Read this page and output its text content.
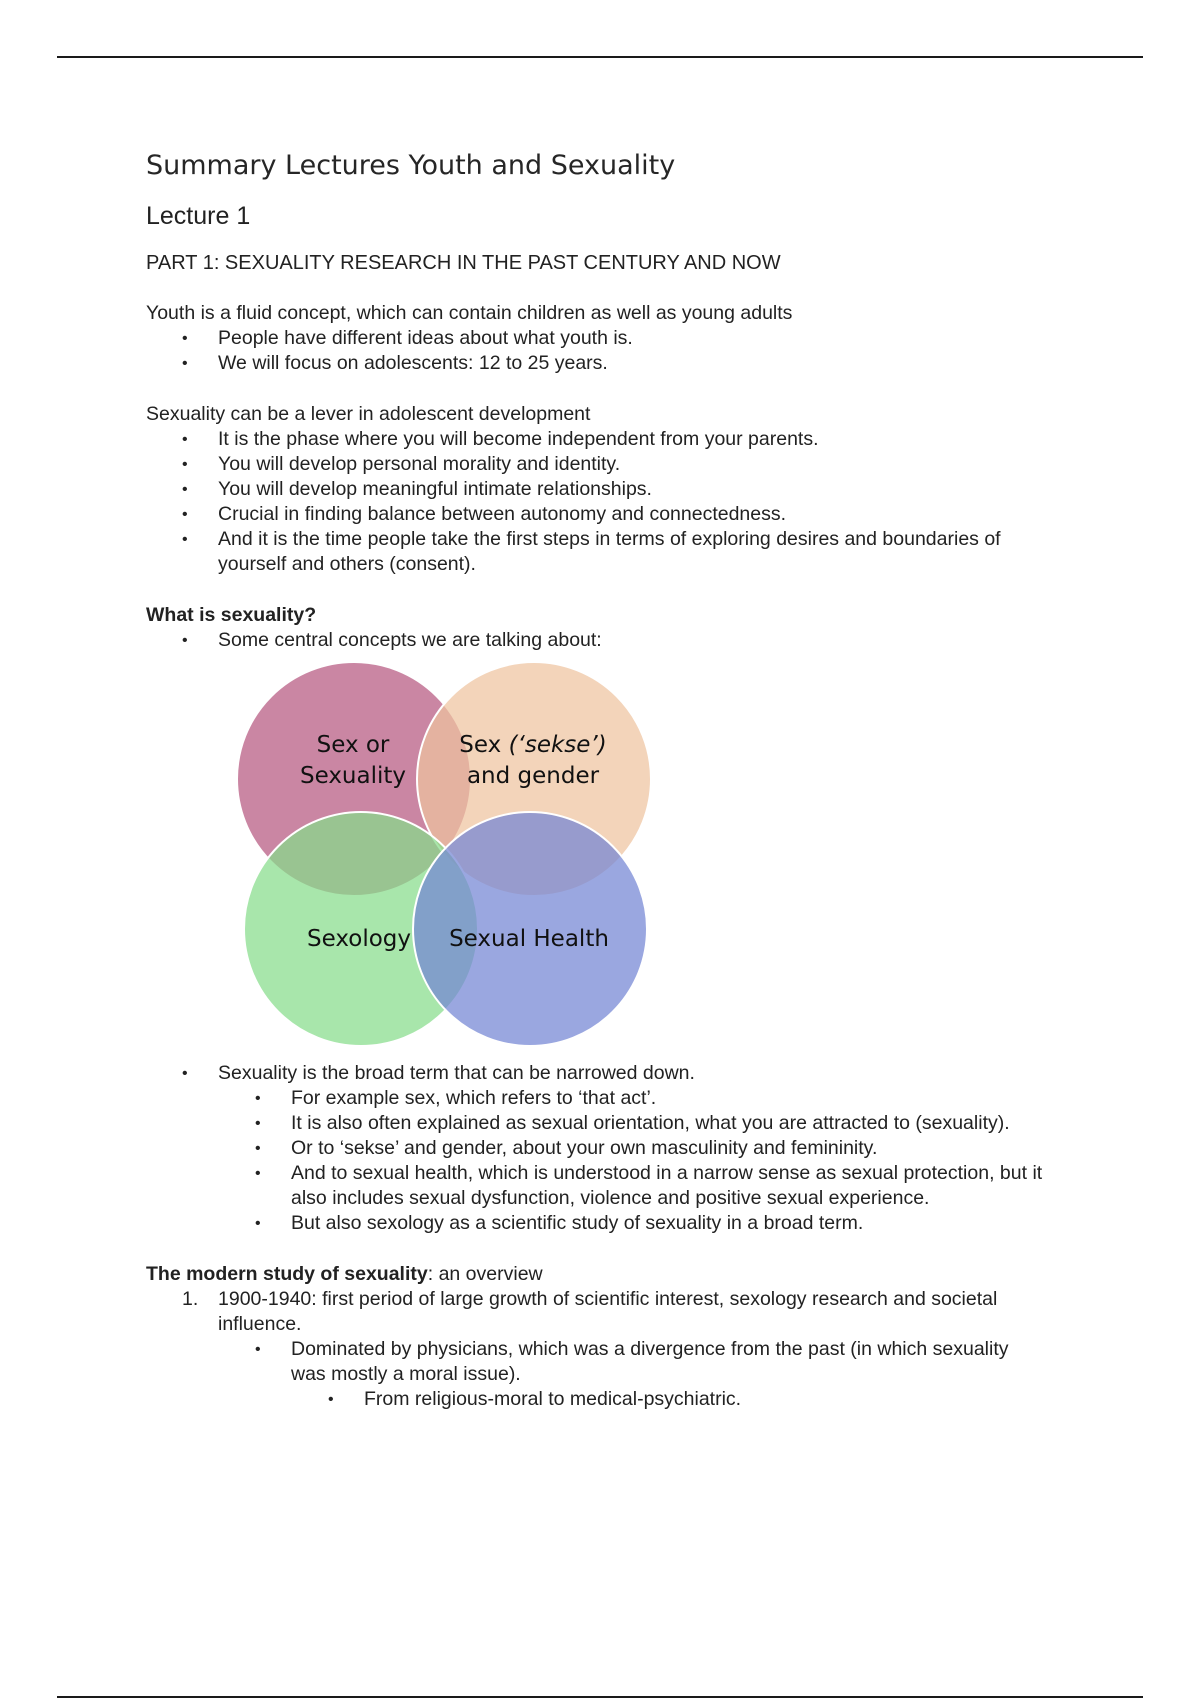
Summary Lectures Youth and Sexuality
Lecture 1
PART 1: SEXUALITY RESEARCH IN THE PAST CENTURY AND NOW

Youth is a fluid concept, which can contain children as well as young adults

• People have different ideas about what youth is.
• We will focus on adolescents: 12 to 25 years.

Sexuality can be a lever in adolescent development

• It is the phase where you will become independent from your parents.
• You will develop personal morality and identity.
• You will develop meaningful intimate relationships.
• Crucial in finding balance between autonomy and connectedness.
• And it is the time people take the first steps in terms of exploring desires and boundaries of yourself and others (consent).

What is sexuality?

• Some central concepts we are talking about:
Sex or
Sexuality
Sex (‘sekse’)
and gender
Sexology Sexual Health
• Sexuality is the broad term that can be narrowed down.
• For example sex, which refers to ‘that act’.
• It is also often explained as sexual orientation, what you are attracted to (sexuality).
• Or to ‘sekse’ and gender, about your own masculinity and femininity.
• And to sexual health, which is understood in a narrow sense as sexual protection, but it also includes sexual dysfunction, violence and positive sexual experience.
• But also sexology as a scientific study of sexuality in a broad term.

The modern study of sexuality: an overview

1. 1900-1940: first period of large growth of scientific interest, sexology research and societal influence.
• Dominated by physicians, which was a divergence from the past (in which sexuality was mostly a moral issue).
• From religious-moral to medical-psychiatric.
